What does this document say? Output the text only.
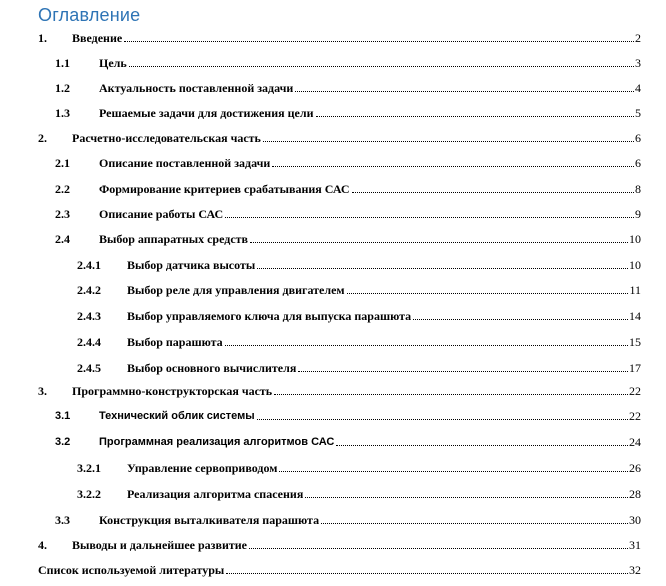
Оглавление
1. Введение	2
1.1 Цель	3
1.2 Актуальность поставленной задачи	4
1.3 Решаемые задачи для достижения цели	5
2. Расчетно-исследовательская часть	6
2.1 Описание поставленной задачи	6
2.2 Формирование критериев срабатывания САС	8
2.3 Описание работы САС	9
2.4 Выбор аппаратных средств	10
2.4.1 Выбор датчика высоты	10
2.4.2 Выбор реле для управления двигателем	11
2.4.3 Выбор управляемого ключа для выпуска парашюта	14
2.4.4 Выбор парашюта	15
2.4.5 Выбор основного вычислителя	17
3. Программно-конструкторская часть	22
3.1	Технический облик системы	22
3.2	Программная реализация алгоритмов САС	24
3.2.1 Управление сервоприводом	26
3.2.2 Реализация алгоритма спасения	28
3.3 Конструкция выталкивателя парашюта	30
4. Выводы и дальнейшее развитие	31
Список используемой литературы	32
